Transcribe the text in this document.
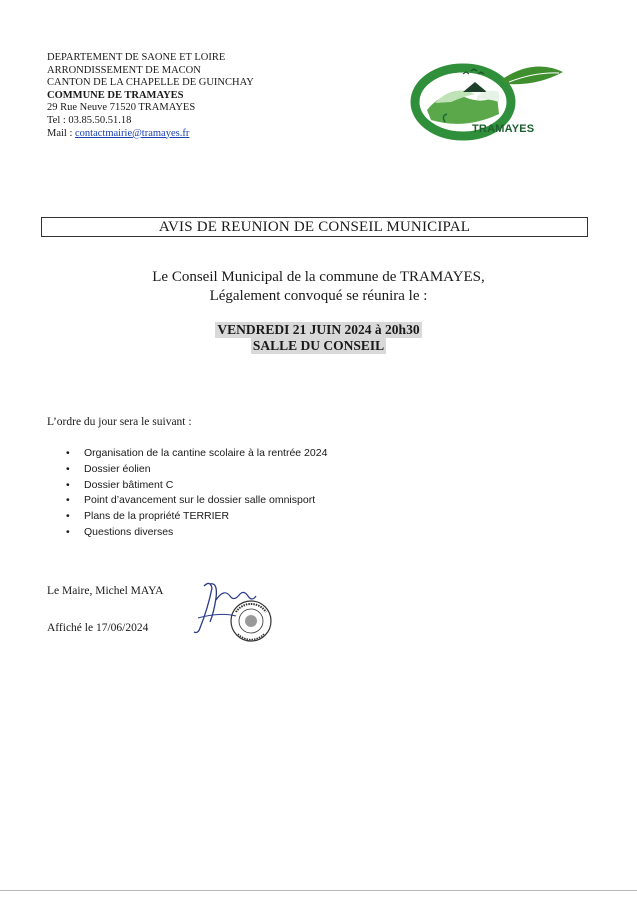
DEPARTEMENT DE SAONE ET LOIRE
ARRONDISSEMENT DE MACON
CANTON DE LA CHAPELLE DE GUINCHAY
COMMUNE DE TRAMAYES
29 Rue Neuve 71520 TRAMAYES
Tel : 03.85.50.51.18
Mail : contactmairie@tramayes.fr	TRAMAYES
AVIS DE REUNION DE CONSEIL MUNICIPAL
Le Conseil Municipal de la commune de TRAMAYES,
Légalement convoqué se réunira le :
VENDREDI 21 JUIN 2024 à 20h30
SALLE DU CONSEIL
L’ordre du jour sera le suivant :
• Organisation de la cantine scolaire à la rentrée 2024
• Dossier éolien
• Dossier bâtiment C
• Point d’avancement sur le dossier salle omnisport
• Plans de la propriété TERRIER
• Questions diverses
Le Maire, Michel MAYA
Affiché le 17/06/2024
